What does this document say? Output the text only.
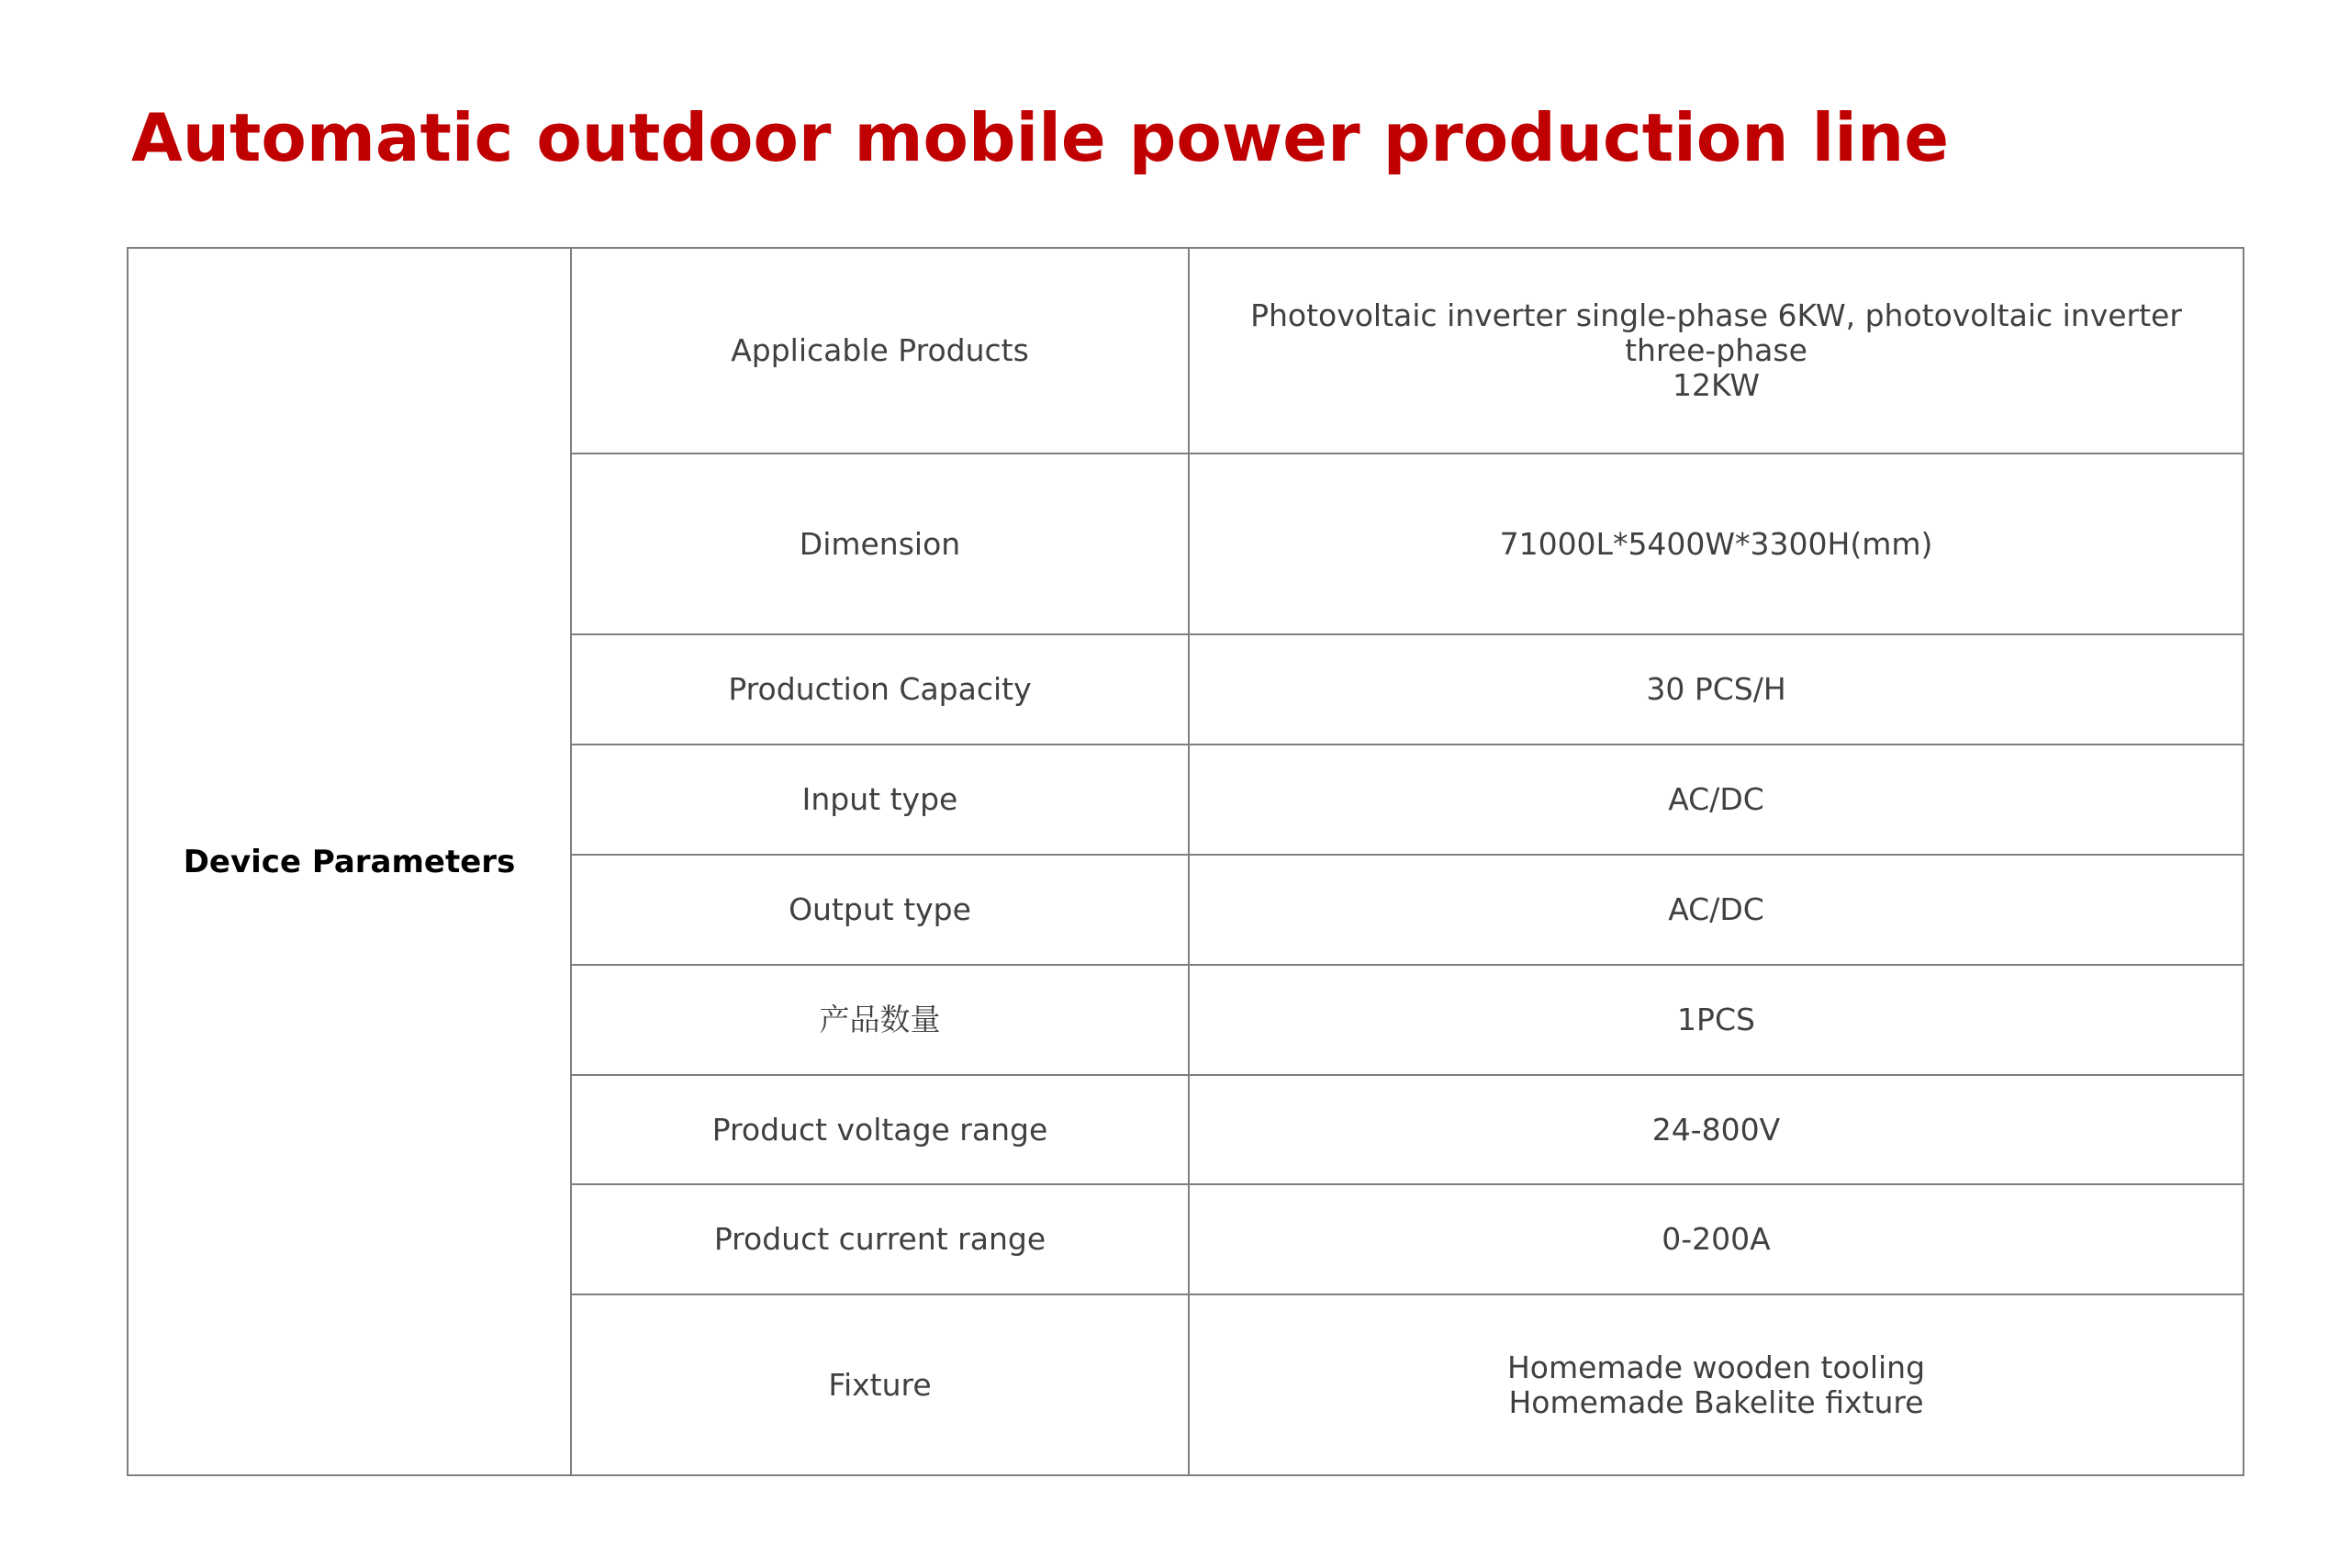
Automatic outdoor mobile power production line
Device Parameters	Applicable Products	Photovoltaic inverter single-phase 6KW, photovoltaic inverter three-phase
12KW
	Dimension	71000L*5400W*3300H(mm)
	Production Capacity	30 PCS/H
	Input type	AC/DC
	Output type	AC/DC
	产品数量	1PCS
	Product voltage range	24-800V
	Product current range	0-200A
	Fixture	Homemade wooden tooling
Homemade Bakelite fixture
